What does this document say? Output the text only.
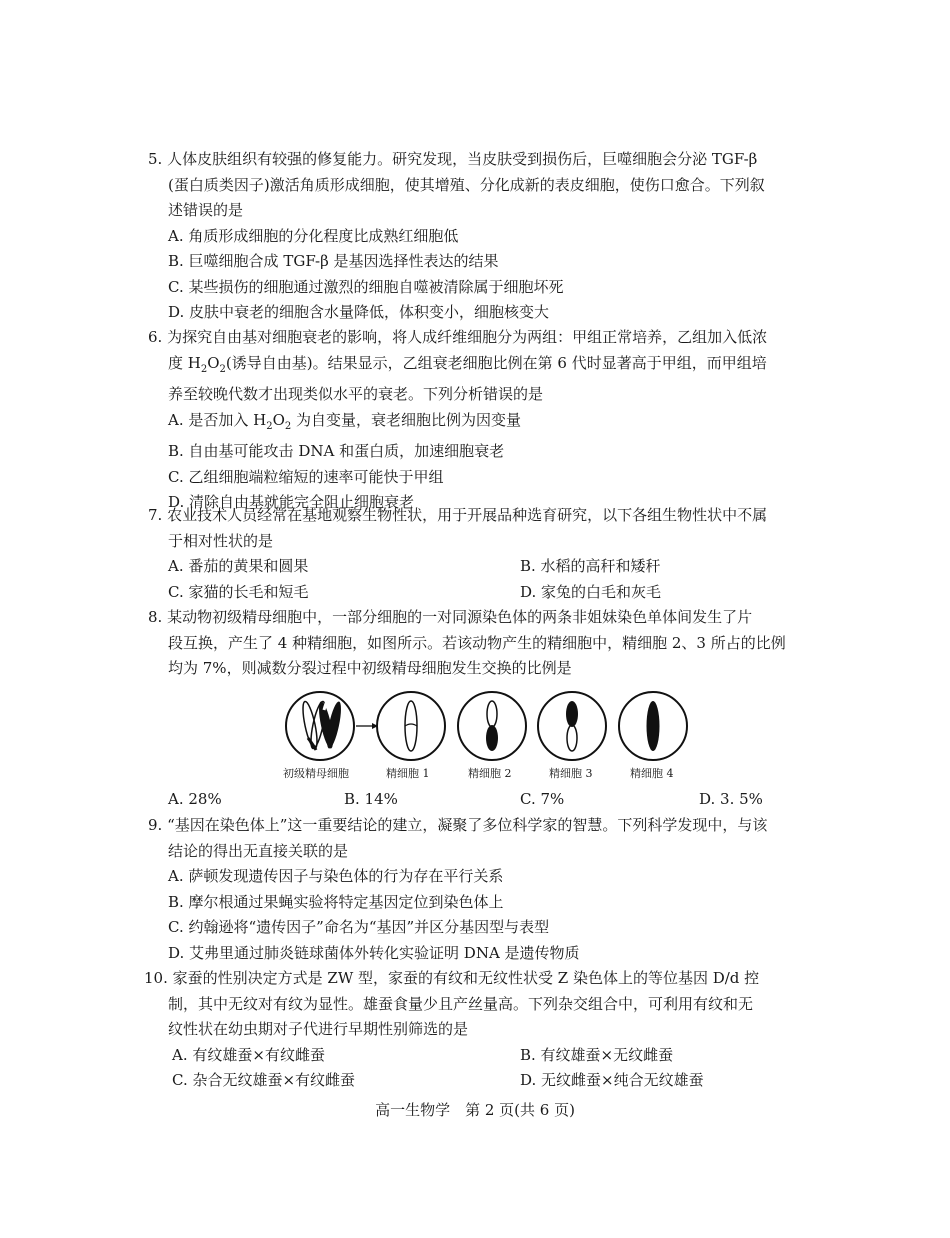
5. 人体皮肤组织有较强的修复能力。研究发现，当皮肤受到损伤后，巨噬细胞会分泌 TGF-β
(蛋白质类因子)激活角质形成细胞，使其增殖、分化成新的表皮细胞，使伤口愈合。下列叙
述错误的是
A. 角质形成细胞的分化程度比成熟红细胞低
B. 巨噬细胞合成 TGF-β 是基因选择性表达的结果
C. 某些损伤的细胞通过激烈的细胞自噬被清除属于细胞坏死
D. 皮肤中衰老的细胞含水量降低，体积变小，细胞核变大
6. 为探究自由基对细胞衰老的影响，将人成纤维细胞分为两组：甲组正常培养，乙组加入低浓
度 $H_2O_2$(诱导自由基)。结果显示，乙组衰老细胞比例在第 6 代时显著高于甲组，而甲组培
养至较晚代数才出现类似水平的衰老。下列分析错误的是
A. 是否加入 $H_2O_2$ 为自变量，衰老细胞比例为因变量
B. 自由基可能攻击 DNA 和蛋白质，加速细胞衰老
C. 乙组细胞端粒缩短的速率可能快于甲组
D. 清除自由基就能完全阻止细胞衰老
7. 农业技术人员经常在基地观察生物性状，用于开展品种选育研究，以下各组生物性状中不属
于相对性状的是
A. 番茄的黄果和圆果	B. 水稻的高秆和矮秆
C. 家猫的长毛和短毛	D. 家兔的白毛和灰毛
8. 某动物初级精母细胞中，一部分细胞的一对同源染色体的两条非姐妹染色单体间发生了片
段互换，产生了 4 种精细胞，如图所示。若该动物产生的精细胞中，精细胞 2、3 所占的比例
均为 7%，则减数分裂过程中初级精母细胞发生交换的比例是
初级精母细胞	精细胞 1	精细胞 2	精细胞 3	精细胞 4
A. 28%	B. 14%	C. 7%	D. 3. 5%
9. “基因在染色体上”这一重要结论的建立，凝聚了多位科学家的智慧。下列科学发现中，与该
结论的得出无直接关联的是
A. 萨顿发现遗传因子与染色体的行为存在平行关系
B. 摩尔根通过果蝇实验将特定基因定位到染色体上
C. 约翰逊将“遗传因子”命名为“基因”并区分基因型与表型
D. 艾弗里通过肺炎链球菌体外转化实验证明 DNA 是遗传物质
10. 家蚕的性别决定方式是 ZW 型，家蚕的有纹和无纹性状受 Z 染色体上的等位基因 D/d 控
制，其中无纹对有纹为显性。雄蚕食量少且产丝量高。下列杂交组合中，可利用有纹和无
纹性状在幼虫期对子代进行早期性别筛选的是
A. 有纹雄蚕×有纹雌蚕	B. 有纹雄蚕×无纹雌蚕
C. 杂合无纹雄蚕×有纹雌蚕	D. 无纹雌蚕×纯合无纹雄蚕
高一生物学　第 2 页(共 6 页)
